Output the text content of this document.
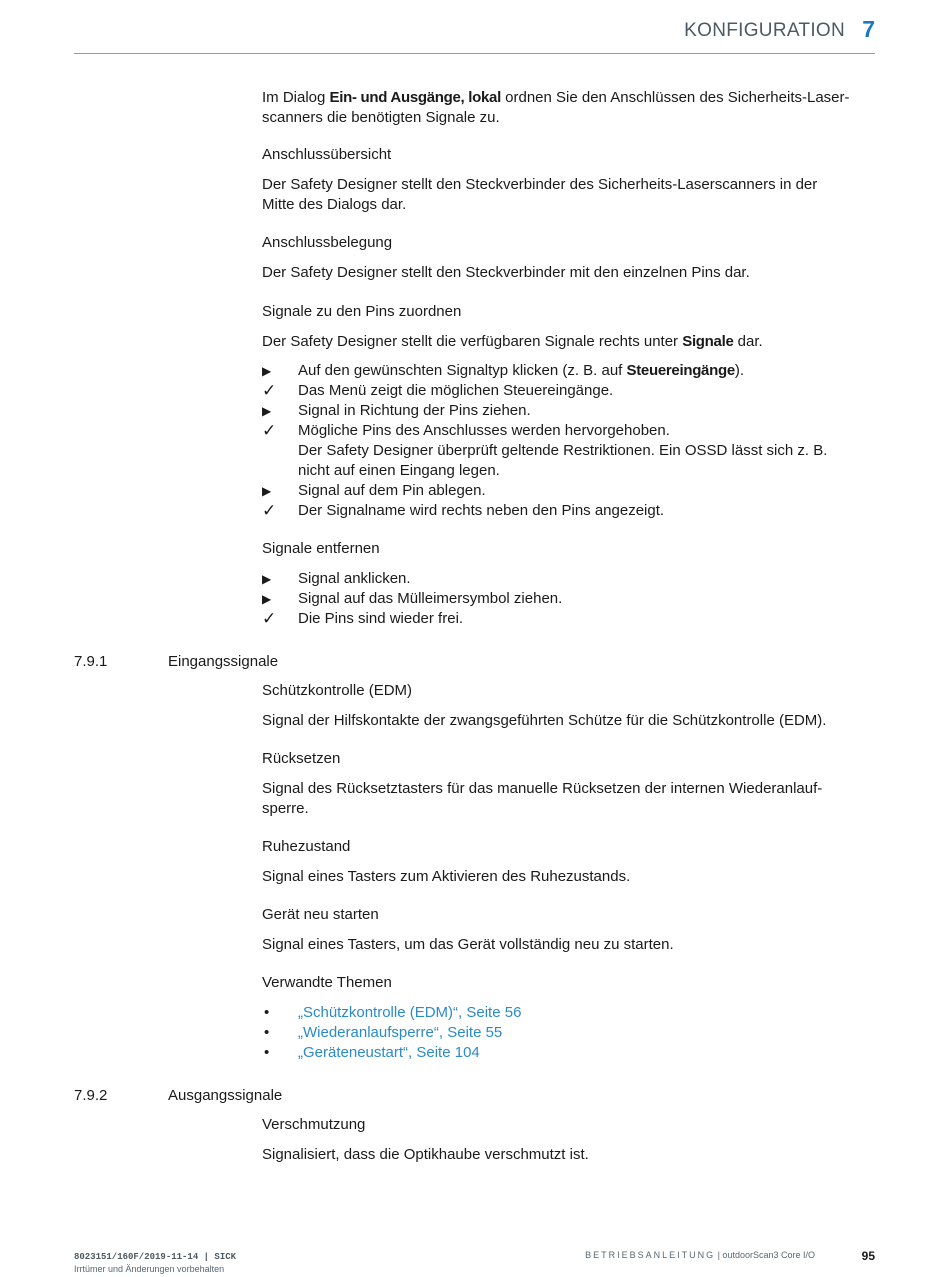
KONFIGURATION 7

Im Dialog Ein- und Ausgänge, lokal ordnen Sie den Anschlüssen des Sicherheits-Laser-

scanners die benötigten Signale zu.

Anschlussübersicht

Der Safety Designer stellt den Steckverbinder des Sicherheits-Laserscanners in der

Mitte des Dialogs dar.

Anschlussbelegung

Der Safety Designer stellt den Steckverbinder mit den einzelnen Pins dar.

Signale zu den Pins zuordnen

Der Safety Designer stellt die verfügbaren Signale rechts unter Signale dar.

▶	Auf den gewünschten Signaltyp klicken (z. B. auf Steuereingänge).
✓	Das Menü zeigt die möglichen Steuereingänge.
▶	Signal in Richtung der Pins ziehen.
✓	Mögliche Pins des Anschlusses werden hervorgehoben.
Der Safety Designer überprüft geltende Restriktionen. Ein OSSD lässt sich z. B.
nicht auf einen Eingang legen.
▶	Signal auf dem Pin ablegen.
✓	Der Signalname wird rechts neben den Pins angezeigt.
Signale entfernen
▶	Signal anklicken.
▶	Signal auf das Mülleimersymbol ziehen.
✓	Die Pins sind wieder frei.
7.9.1	Eingangssignale
Schützkontrolle (EDM)

Signal der Hilfskontakte der zwangsgeführten Schütze für die Schützkontrolle (EDM).

Rücksetzen

Signal des Rücksetztasters für das manuelle Rücksetzen der internen Wiederanlauf-

sperre.

Ruhezustand

Signal eines Tasters zum Aktivieren des Ruhezustands.

Gerät neu starten

Signal eines Tasters, um das Gerät vollständig neu zu starten.

Verwandte Themen
• „Schützkontrolle (EDM)“, Seite 56
• „Wiederanlaufsperre“, Seite 55
• „Geräteneustart“, Seite 104
7.9.2	Ausgangssignale
Verschmutzung

Signalisiert, dass die Optikhaube verschmutzt ist.

8023151/160F/2019-11-14 | SICK
Irrtümer und Änderungen vorbehalten
BETRIEBSANLEITUNG | outdoorScan3 Core I/O	95
